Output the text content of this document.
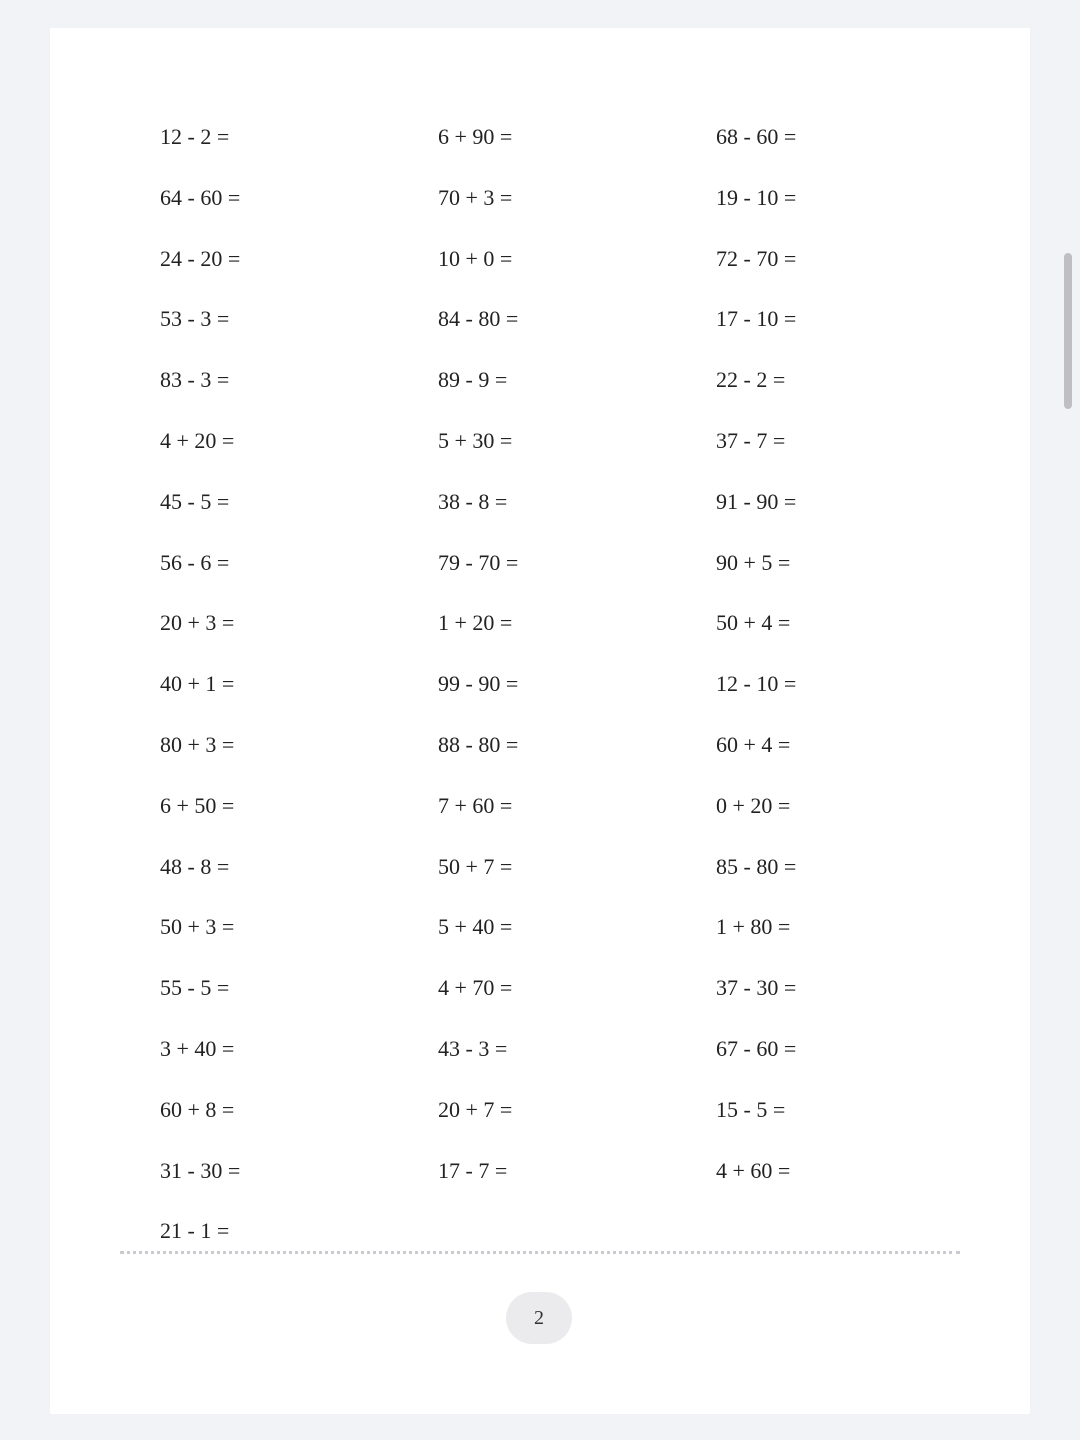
12 - 2 =	6 + 90 =	68 - 60 =
64 - 60 =	70 + 3 =	19 - 10 =
24 - 20 =	10 + 0 =	72 - 70 =
53 - 3 =	84 - 80 =	17 - 10 =
83 - 3 =	89 - 9 =	22 - 2 =
4 + 20 =	5 + 30 =	37 - 7 =
45 - 5 =	38 - 8 =	91 - 90 =
56 - 6 =	79 - 70 =	90 + 5 =
20 + 3 =	1 + 20 =	50 + 4 =
40 + 1 =	99 - 90 =	12 - 10 =
80 + 3 =	88 - 80 =	60 + 4 =
6 + 50 =	7 + 60 =	0 + 20 =
48 - 8 =	50 + 7 =	85 - 80 =
50 + 3 =	5 + 40 =	1 + 80 =
55 - 5 =	4 + 70 =	37 - 30 =
3 + 40 =	43 - 3 =	67 - 60 =
60 + 8 =	20 + 7 =	15 - 5 =
31 - 30 =	17 - 7 =	4 + 60 =
21 - 1 =
2
